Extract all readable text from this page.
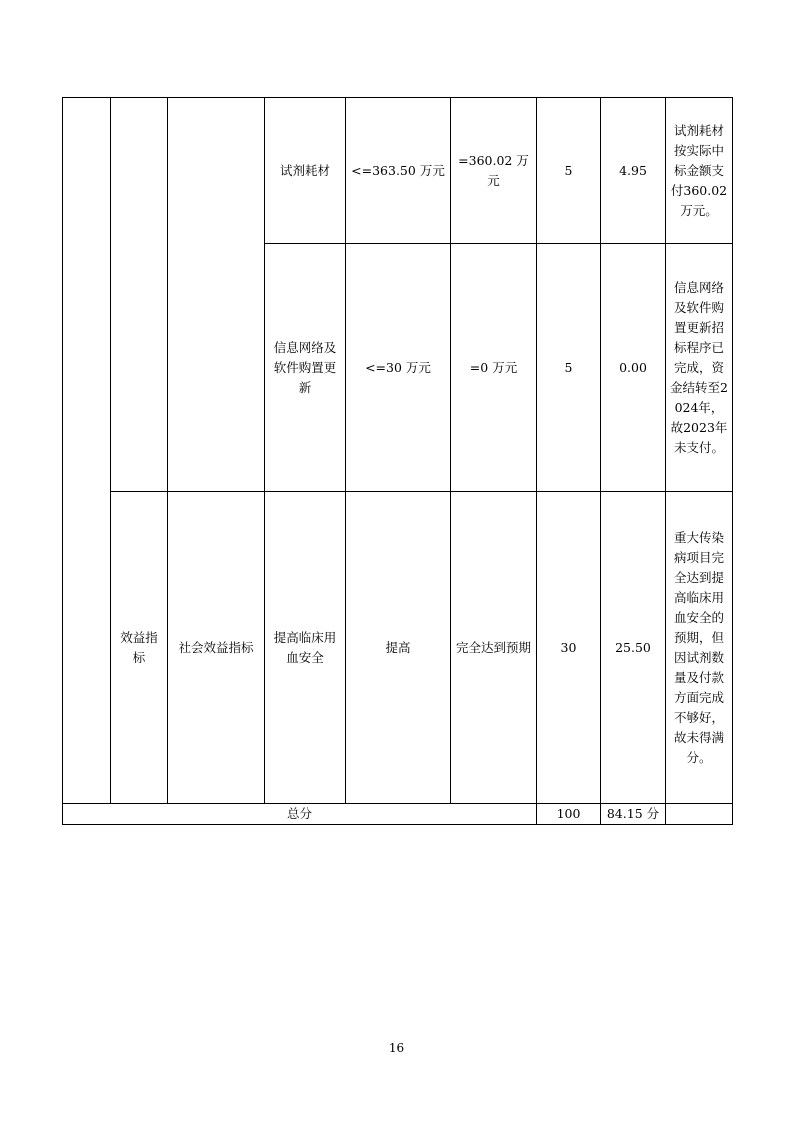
			试剂耗材	<=363.50 万元	=360.02 万元	5	4.95	试剂耗材按实际中标金额支付360.02万元。
			信息网络及软件购置更新	<=30 万元	=0 万元	5	0.00	信息网络及软件购置更新招标程序已完成，资金结转至2024年，故2023年未支付。
	效益指标	社会效益指标	提高临床用血安全	提高	完全达到预期	30	25.50	重大传染病项目完全达到提高临床用血安全的预期，但因试剂数量及付款方面完成不够好，故未得满分。
总分						100	84.15 分	
16
